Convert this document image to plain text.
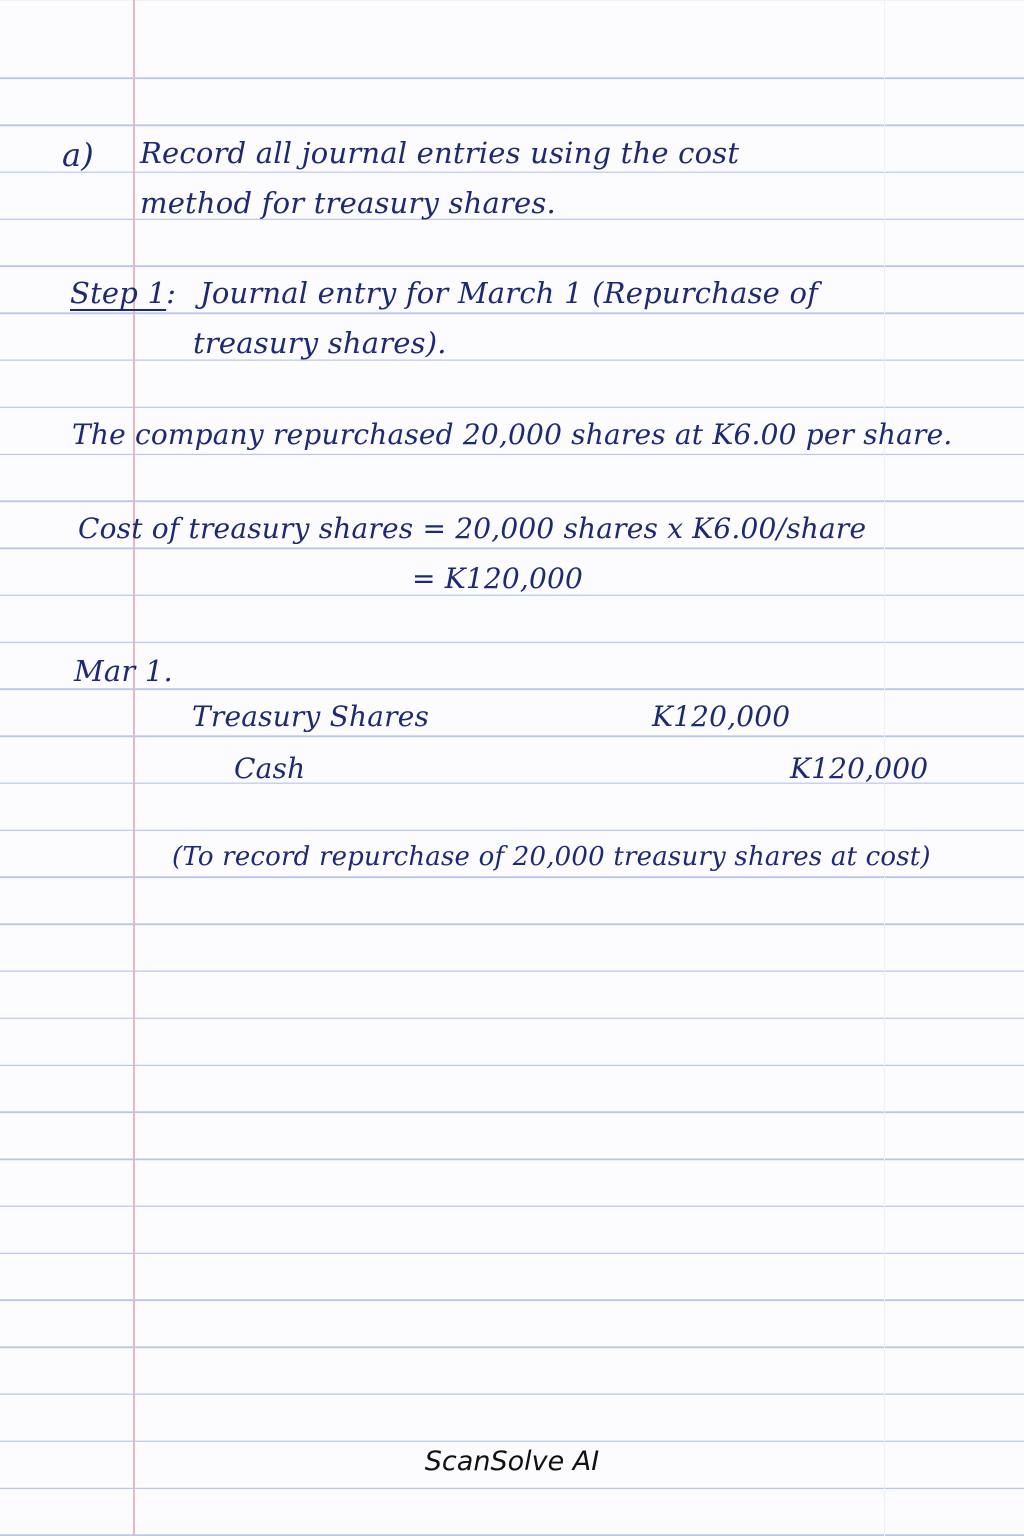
a) Record all journal entries using the cost
method for treasury shares.
Step 1: Journal entry for March 1 (Repurchase of
treasury shares).
The company repurchased 20,000 shares at K6.00 per share.
Cost of treasury shares = 20,000 shares x K6.00/share
= K120,000
Mar 1.
Treasury Shares	K120,000
Cash	K120,000
(To record repurchase of 20,000 treasury shares at cost)
ScanSolve AI
